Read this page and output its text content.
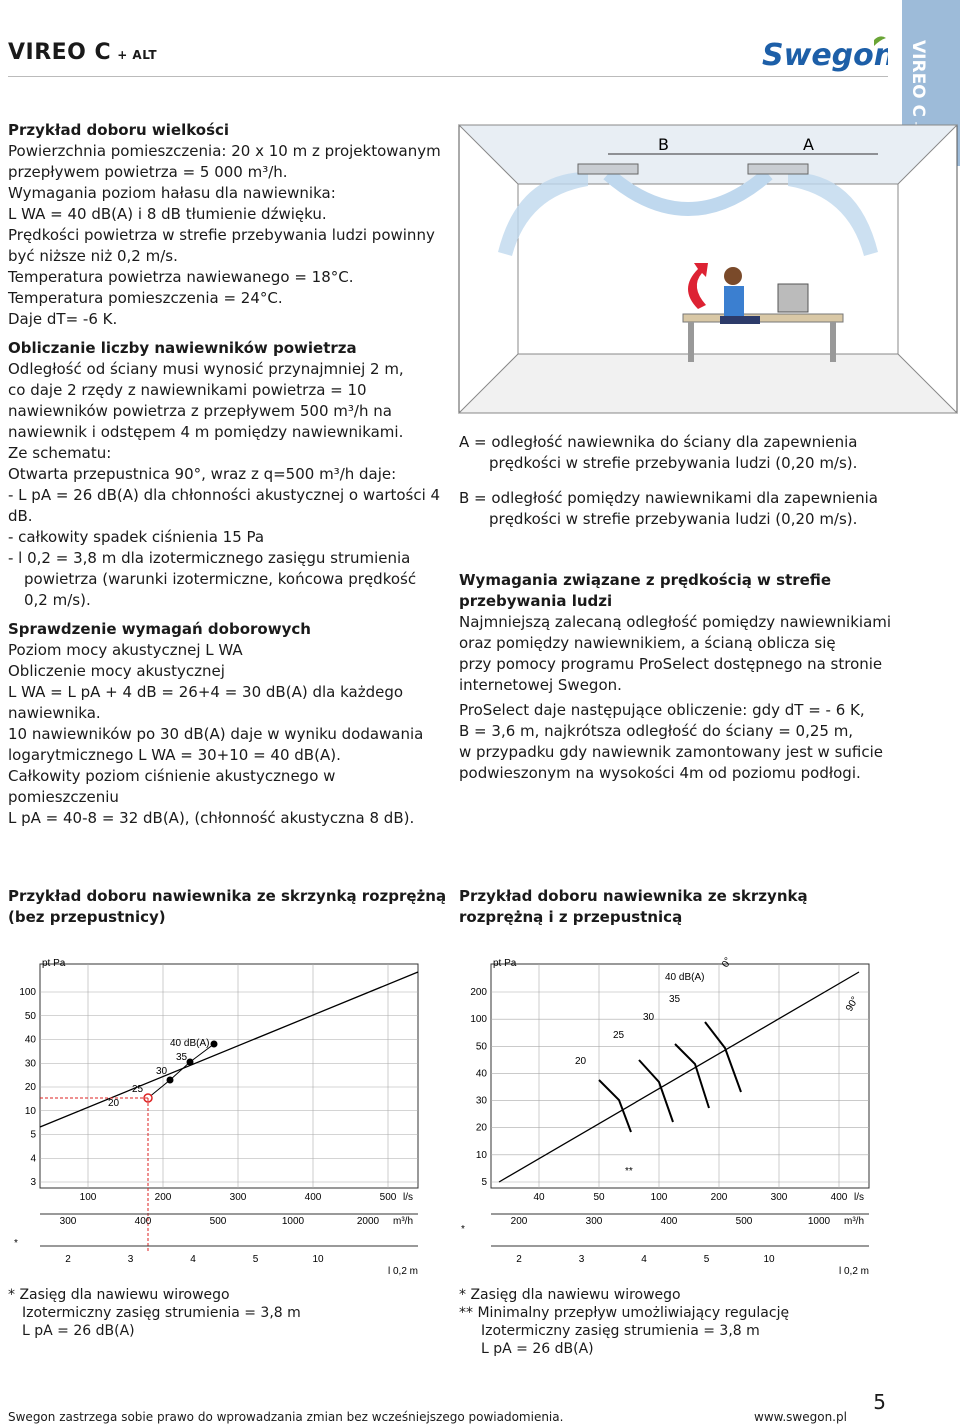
VIREO C + ALT	Swegon VIREO C
Przykład doboru wielkości
Powierzchnia pomieszczenia: 20 x 10 m z projektowanym
przepływem powietrza = 5 000 m³/h.
Wymagania poziom hałasu dla nawiewnika:
L WA = 40 dB(A) i 8 dB tłumienie dźwięku.
Prędkości powietrza w strefie przebywania ludzi powinny
być niższe niż 0,2 m/s.
Temperatura powietrza nawiewanego = 18°C.
Temperatura pomieszczenia = 24°C.
Daje dT= -6 K.
Obliczanie liczby nawiewników powietrza
Odległość od ściany musi wynosić przynajmniej 2 m,
co daje 2 rzędy z nawiewnikami powietrza = 10
nawiewników powietrza z przepływem 500 m³/h na
nawiewnik i odstępem 4 m pomiędzy nawiewnikami.
Ze schematu:
Otwarta przepustnica 90°, wraz z q=500 m³/h daje:
- L pA = 26 dB(A) dla chłonności akustycznej o wartości 4 dB.
- całkowity spadek ciśnienia 15 Pa
- l 0,2 = 3,8 m dla izotermicznego zasięgu strumienia
powietrza (warunki izotermiczne, końcowa prędkość
0,2 m/s).
Sprawdzenie wymagań doborowych
Poziom mocy akustycznej L WA
Obliczenie mocy akustycznej
L WA = L pA + 4 dB = 26+4 = 30 dB(A) dla każdego
nawiewnika.
10 nawiewników po 30 dB(A) daje w wyniku dodawania
logarytmicznego L WA = 30+10 = 40 dB(A).
Całkowity poziom ciśnienie akustycznego w pomieszczeniu
L pA = 40-8 = 32 dB(A), (chłonność akustyczna 8 dB).
B	A
A = odległość nawiewnika do ściany dla zapewnienia
prędkości w strefie przebywania ludzi (0,20 m/s).
B = odległość pomiędzy nawiewnikami dla zapewnienia
prędkości w strefie przebywania ludzi (0,20 m/s).
Wymagania związane z prędkością w strefie
przebywania ludzi
Najmniejszą zalecaną odległość pomiędzy nawiewnikiami
oraz pomiędzy nawiewnikiem, a ścianą oblicza się
przy pomocy programu ProSelect dostępnego na stronie
internetowej Swegon.
ProSelect daje następujące obliczenie: gdy dT = - 6 K,
B = 3,6 m, najkrótsza odległość do ściany = 0,25 m,
w przypadku gdy nawiewnik zamontowany jest w suficie
podwieszonym na wysokości 4m od poziomu podłogi.
Przykład doboru nawiewnika ze skrzynką rozprężną
(bez przepustnicy)
Przykład doboru nawiewnika ze skrzynką
rozprężną i z przepustnicą
pt Pa
100
50
40
30
20
10
5
4
3
100	200	300	400	500 l/s
300	400	500	1000	2000 m³/h
2	3	4	5	10
l 0,2 m
20
25
30
35
40 dB(A)
*
40 dB(A)
0°
90°
pt Pa
200
100
50
40
30
20
10
5
40	50	100	200	300	400 l/s
200	300	400	500	1000 m³/h
2	3	4	5	10
l 0,2 m
20
25
30
35
**
*
* Zasięg dla nawiewu wirowego
Izotermiczny zasięg strumienia = 3,8 m
L pA = 26 dB(A)
* Zasięg dla nawiewu wirowego
** Minimalny przepływ umożliwiający regulację
Izotermiczny zasięg strumienia = 3,8 m
L pA = 26 dB(A)
5
Swegon zastrzega sobie prawo do wprowadzania zmian bez wcześniejszego powiadomienia.	www.swegon.pl
